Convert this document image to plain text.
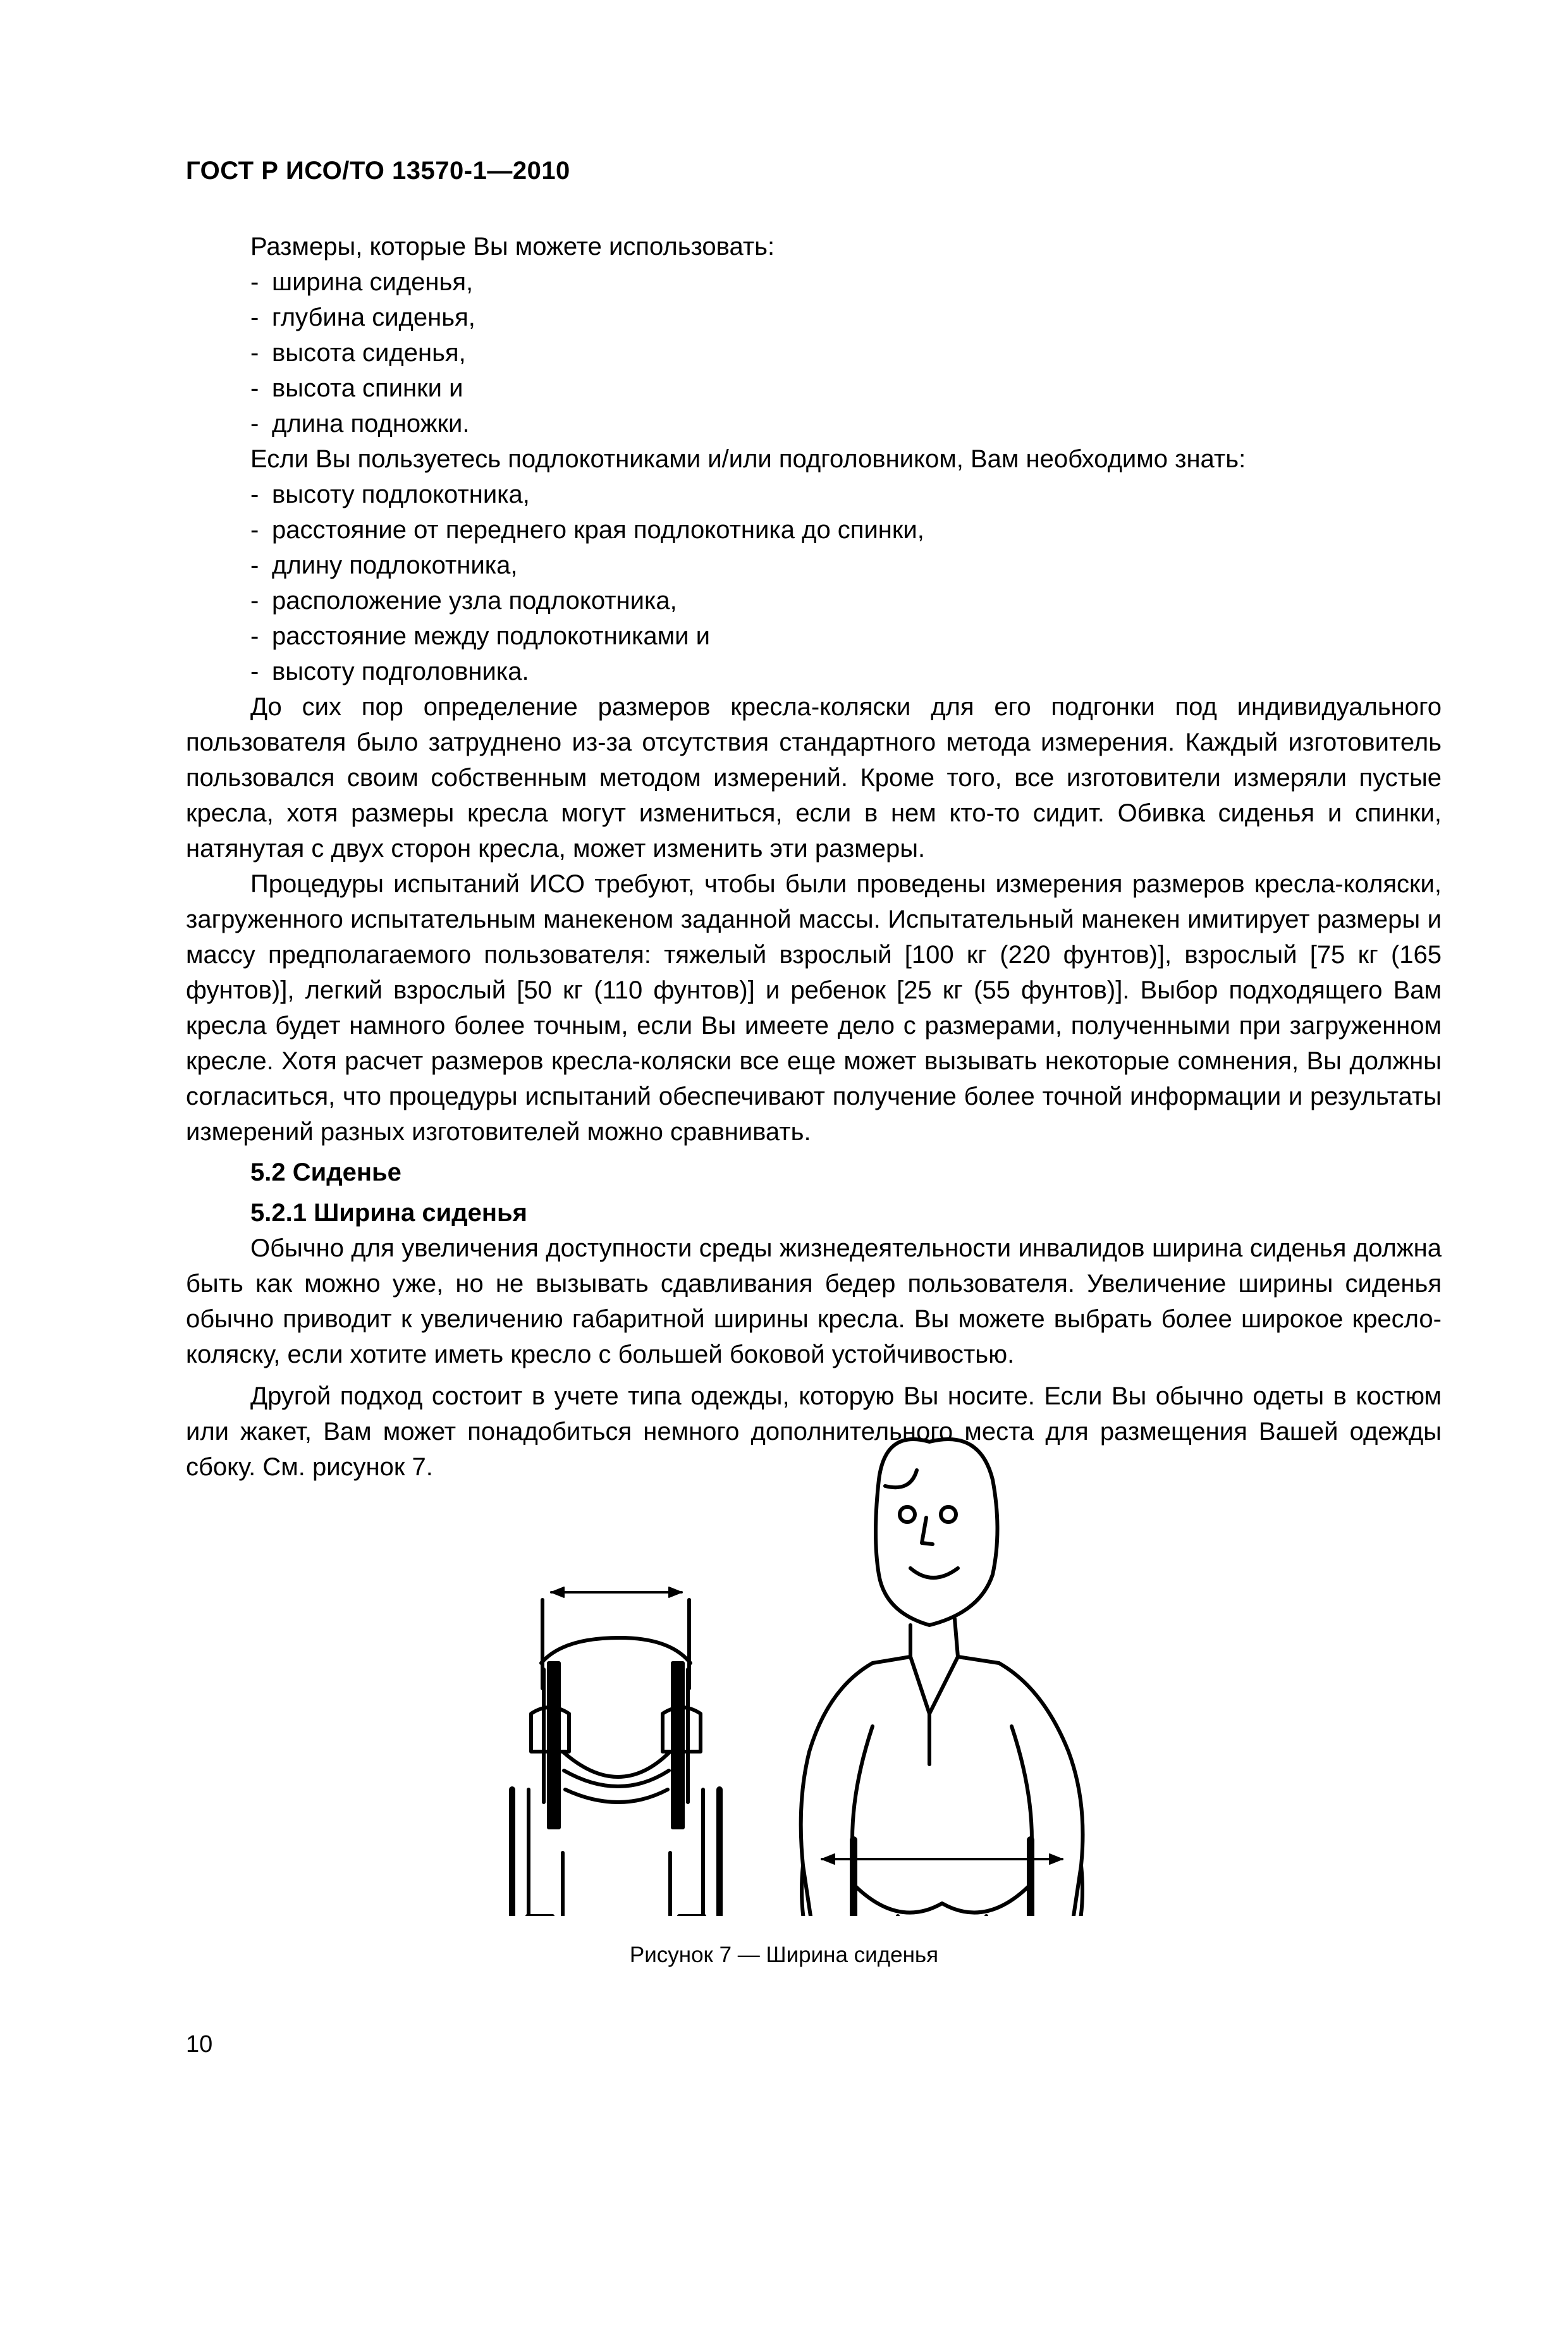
ГОСТ Р ИСО/ТО 13570-1—2010

Размеры, которые Вы можете использовать:

- ширина сиденья,

- глубина сиденья,

- высота сиденья,

- высота спинки и

- длина подножки.

Если Вы пользуетесь подлокотниками и/или подголовником, Вам необходимо знать:

- высоту подлокотника,

- расстояние от переднего края подлокотника до спинки,

- длину подлокотника,

- расположение узла подлокотника,

- расстояние между подлокотниками и

- высоту подголовника.

До сих пор определение размеров кресла-коляски для его подгонки под индивидуального пользователя было затруднено из-за отсутствия стандартного метода измерения. Каждый изготовитель пользовался своим собственным методом измерений. Кроме того, все изготовители измеряли пустые кресла, хотя размеры кресла могут измениться, если в нем кто-то сидит. Обивка сиденья и спинки, натянутая с двух сторон кресла, может изменить эти размеры.

Процедуры испытаний ИСО требуют, чтобы были проведены измерения размеров кресла-коляски, загруженного испытательным манекеном заданной массы. Испытательный манекен имитирует размеры и массу предполагаемого пользователя: тяжелый взрослый [100 кг (220 фунтов)], взрослый [75 кг (165 фунтов)], легкий взрослый [50 кг (110 фунтов)] и ребенок [25 кг (55 фунтов)]. Выбор подходящего Вам кресла будет намного более точным, если Вы имеете дело с размерами, полученными при загруженном кресле. Хотя расчет размеров кресла-коляски все еще может вызывать некоторые сомнения, Вы должны согласиться, что процедуры испытаний обеспечивают получение более точной информации и результаты измерений разных изготовителей можно сравнивать.

5.2 Сиденье

5.2.1 Ширина сиденья

Обычно для увеличения доступности среды жизнедеятельности инвалидов ширина сиденья должна быть как можно уже, но не вызывать сдавливания бедер пользователя. Увеличение ширины сиденья обычно приводит к увеличению габаритной ширины кресла. Вы можете выбрать более широкое кресло-коляску, если хотите иметь кресло с большей боковой устойчивостью.

Другой подход состоит в учете типа одежды, которую Вы носите. Если Вы обычно одеты в костюм или жакет, Вам может понадобиться немного дополнительного места для размещения Вашей одежды сбоку. См. рисунок 7.

Рисунок 7 — Ширина сиденья
10
